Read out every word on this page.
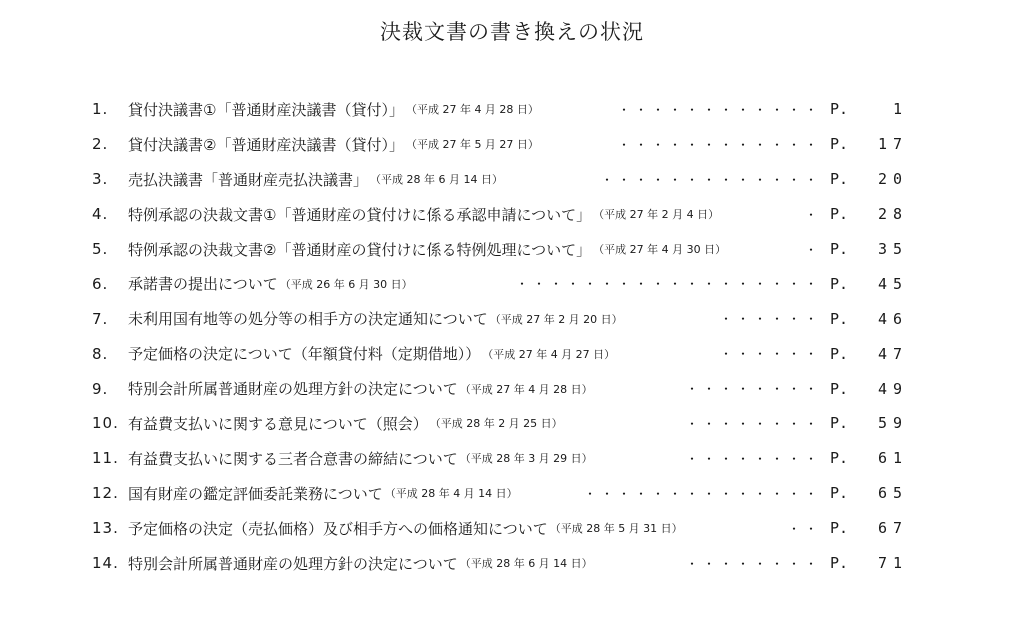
決裁文書の書き換えの状況
1.	貸付決議書①「普通財産決議書（貸付）」 （平成 27 年 4 月 28 日）	・・・・・・・・・・・・ P.	1
2.	貸付決議書②「普通財産決議書（貸付）」 （平成 27 年 5 月 27 日）	・・・・・・・・・・・・ P. 17
3.	売払決議書「普通財産売払決議書」 （平成 28 年 6 月 14 日）	・・・・・・・・・・・・・ P. 20
4.	特例承認の決裁文書①「普通財産の貸付けに係る承認申請について」 （平成 27 年 2 月 4 日）	・ P. 28
5.	特例承認の決裁文書②「普通財産の貸付けに係る特例処理について」 （平成 27 年 4 月 30 日）	・ P. 35
6.	承諾書の提出について （平成 26 年 6 月 30 日）	・・・・・・・・・・・・・・・・・・ P. 45
7.	未利用国有地等の処分等の相手方の決定通知について （平成 27 年 2 月 20 日）	・・・・・・ P. 46
8.	予定価格の決定について（年額貸付料（定期借地）） （平成 27 年 4 月 27 日）	・・・・・・ P. 47
9.	特別会計所属普通財産の処理方針の決定について （平成 27 年 4 月 28 日）	・・・・・・・・ P. 49
10. 有益費支払いに関する意見について（照会） （平成 28 年 2 月 25 日）	・・・・・・・・ P. 59
11. 有益費支払いに関する三者合意書の締結について （平成 28 年 3 月 29 日）	・・・・・・・・ P. 61
12. 国有財産の鑑定評価委託業務について （平成 28 年 4 月 14 日）	・・・・・・・・・・・・・・ P. 65
13. 予定価格の決定（売払価格）及び相手方への価格通知について （平成 28 年 5 月 31 日）	・・ P. 67
14. 特別会計所属普通財産の処理方針の決定について （平成 28 年 6 月 14 日）	・・・・・・・・ P. 71
